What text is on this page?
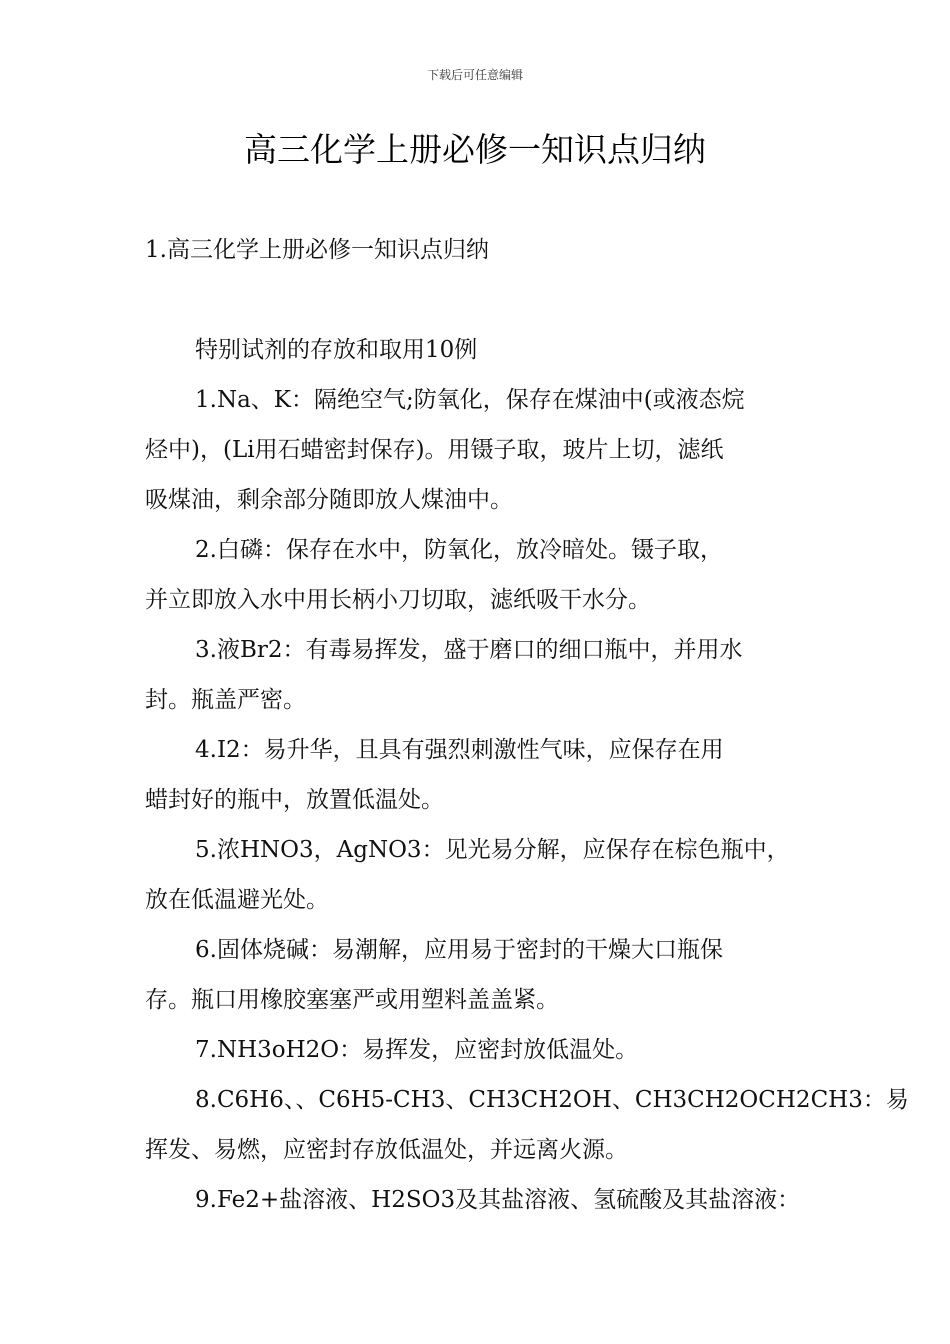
下载后可任意编辑
高三化学上册必修一知识点归纳
1.高三化学上册必修一知识点归纳
特别试剂的存放和取用10例
1.Na、K：隔绝空气;防氧化，保存在煤油中(或液态烷
烃中)，(Li用石蜡密封保存)。用镊子取，玻片上切，滤纸
吸煤油，剩余部分随即放人煤油中。
2.白磷：保存在水中，防氧化，放冷暗处。镊子取，
并立即放入水中用长柄小刀切取，滤纸吸干水分。
3.液Br2：有毒易挥发，盛于磨口的细口瓶中，并用水
封。瓶盖严密。
4.I2：易升华，且具有强烈刺激性气味，应保存在用
蜡封好的瓶中，放置低温处。
5.浓HNO3，AgNO3：见光易分解，应保存在棕色瓶中，
放在低温避光处。
6.固体烧碱：易潮解，应用易于密封的干燥大口瓶保
存。瓶口用橡胶塞塞严或用塑料盖盖紧。
7.NH3oH2O：易挥发，应密封放低温处。
8.C6H6、、C6H5-CH3、CH3CH2OH、CH3CH2OCH2CH3：易
挥发、易燃，应密封存放低温处，并远离火源。
9.Fe2+盐溶液、H2SO3及其盐溶液、氢硫酸及其盐溶液：
